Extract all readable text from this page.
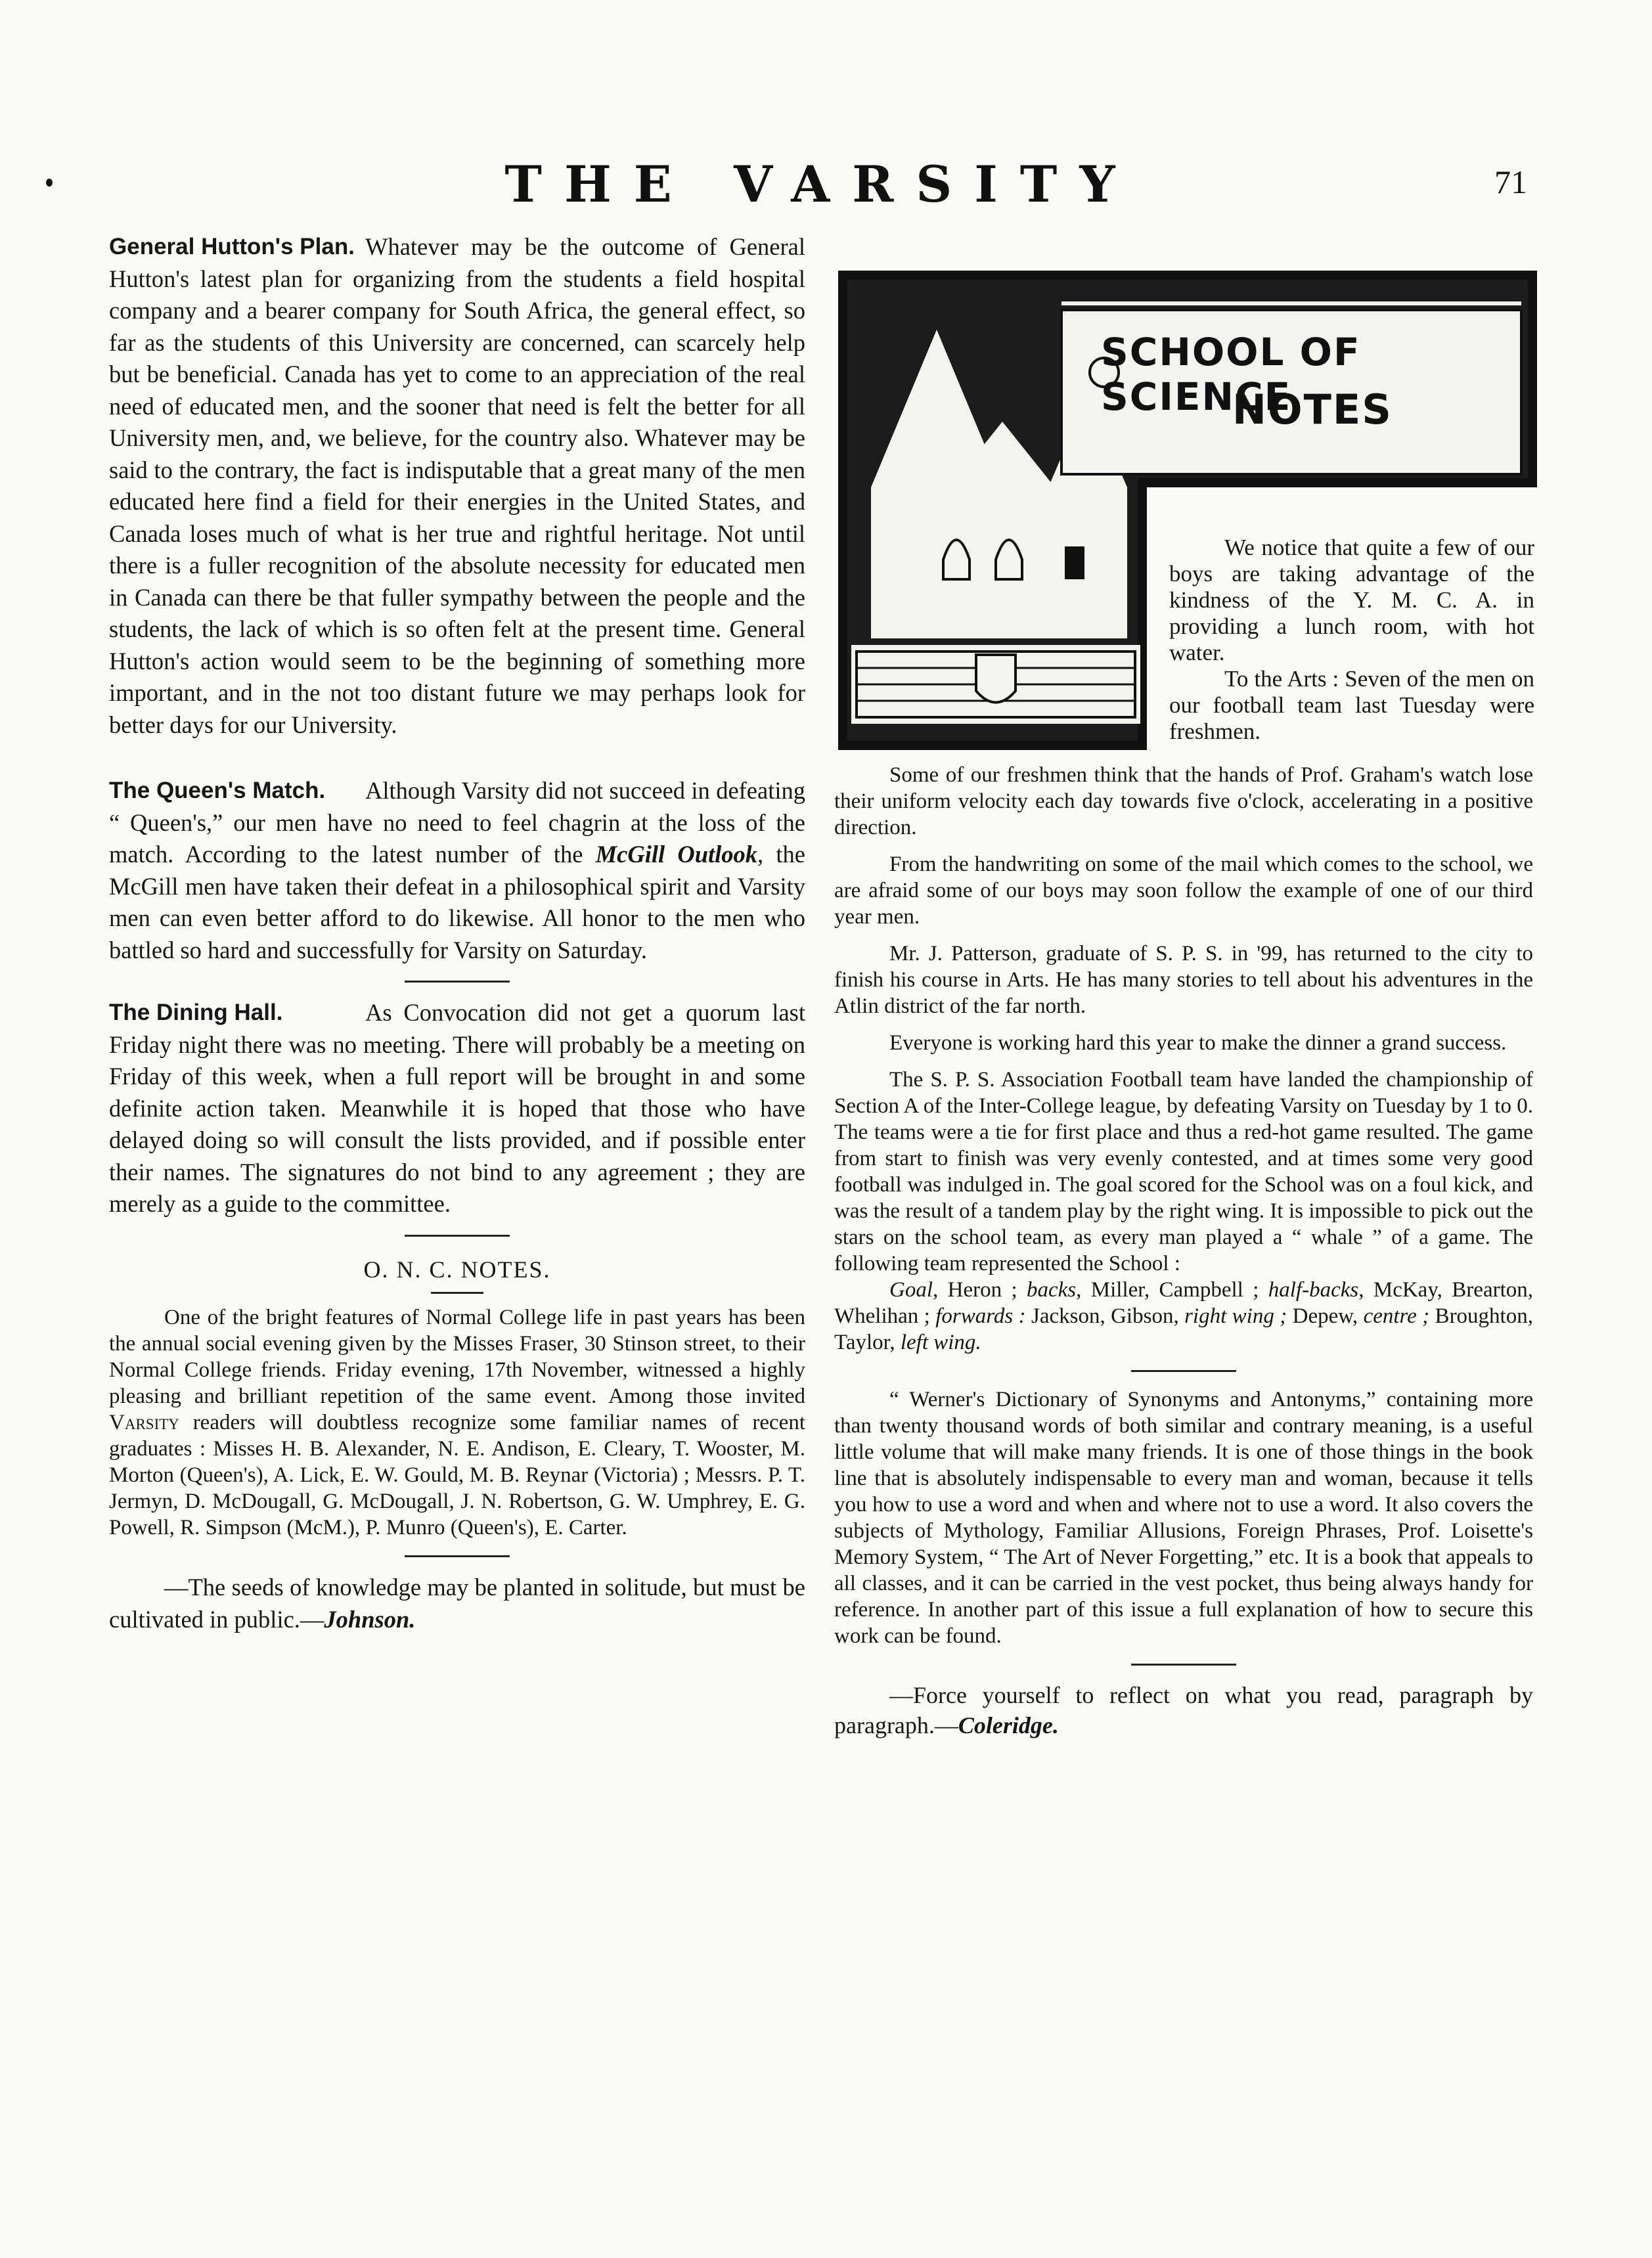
THE VARSITY	71

General Hutton's Plan. Whatever may be the outcome of General Hutton's latest plan for organizing from the students a field hospital company and a bearer company for South Africa, the general effect, so far as the students of this University are concerned, can scarcely help but be beneficial. Canada has yet to come to an appreciation of the real need of educated men, and the sooner that need is felt the better for all University men, and, we believe, for the country also. Whatever may be said to the contrary, the fact is indisputable that a great many of the men educated here find a field for their energies in the United States, and Canada loses much of what is her true and rightful heritage. Not until there is a fuller recognition of the absolute necessity for educated men in Canada can there be that fuller sympathy between the people and the students, the lack of which is so often felt at the present time. General Hutton's action would seem to be the beginning of something more important, and in the not too distant future we may perhaps look for better days for our University.

The Queen's Match.	Although Varsity did not succeed in defeating “ Queen's,” our men have no need to feel chagrin at the loss of the match. According to the latest number of the McGill Outlook, the McGill men have taken their defeat in a philosophical spirit and Varsity men can even better afford to do likewise. All honor to the men who battled so hard and successfully for Varsity on Saturday.

The Dining Hall.	As Convocation did not get a quorum last Friday night there was no meeting. There will probably be a meeting on Friday of this week, when a full report will be brought in and some definite action taken. Meanwhile it is hoped that those who have delayed doing so will consult the lists provided, and if possible enter their names. The signatures do not bind to any agreement ; they are merely as a guide to the committee.

O. N. C. NOTES.

One of the bright features of Normal College life in past years has been the annual social evening given by the Misses Fraser, 30 Stinson street, to their Normal College friends. Friday evening, 17th November, witnessed a highly pleasing and brilliant repetition of the same event. Among those invited Varsity readers will doubtless recognize some familiar names of recent graduates : Misses H. B. Alexander, N. E. Andison, E. Cleary, T. Wooster, M. Morton (Queen's), A. Lick, E. W. Gould, M. B. Reynar (Victoria) ; Messrs. P. T. Jermyn, D. McDougall, G. McDougall, J. N. Robertson, G. W. Umphrey, E. G. Powell, R. Simpson (McM.), P. Munro (Queen's), E. Carter.

—The seeds of knowledge may be planted in solitude, but must be cultivated in public.—Johnson.

SCHOOL OF SCIENCE
NOTES

We notice that quite a few of our boys are taking advantage of the kindness of the Y. M. C. A. in providing a lunch room, with hot water.

To the Arts : Seven of the men on our football team last Tuesday were freshmen.

Some of our freshmen think that the hands of Prof. Graham's watch lose their uniform velocity each day towards five o'clock, accelerating in a positive direction.

From the handwriting on some of the mail which comes to the school, we are afraid some of our boys may soon follow the example of one of our third year men.

Mr. J. Patterson, graduate of S. P. S. in '99, has returned to the city to finish his course in Arts. He has many stories to tell about his adventures in the Atlin district of the far north.

Everyone is working hard this year to make the dinner a grand success.

The S. P. S. Association Football team have landed the championship of Section A of the Inter-College league, by defeating Varsity on Tuesday by 1 to 0. The teams were a tie for first place and thus a red-hot game resulted. The game from start to finish was very evenly contested, and at times some very good football was indulged in. The goal scored for the School was on a foul kick, and was the result of a tandem play by the right wing. It is impossible to pick out the stars on the school team, as every man played a “ whale ” of a game. The following team represented the School :

Goal, Heron ; backs, Miller, Campbell ; half-backs, McKay, Brearton, Whelihan ; forwards : Jackson, Gibson, right wing ; Depew, centre ; Broughton, Taylor, left wing.

“ Werner's Dictionary of Synonyms and Antonyms,” containing more than twenty thousand words of both similar and contrary meaning, is a useful little volume that will make many friends. It is one of those things in the book line that is absolutely indispensable to every man and woman, because it tells you how to use a word and when and where not to use a word. It also covers the subjects of Mythology, Familiar Allusions, Foreign Phrases, Prof. Loisette's Memory System, “ The Art of Never Forgetting,” etc. It is a book that appeals to all classes, and it can be carried in the vest pocket, thus being always handy for reference. In another part of this issue a full explanation of how to secure this work can be found.

—Force yourself to reflect on what you read, paragraph by paragraph.—Coleridge.
